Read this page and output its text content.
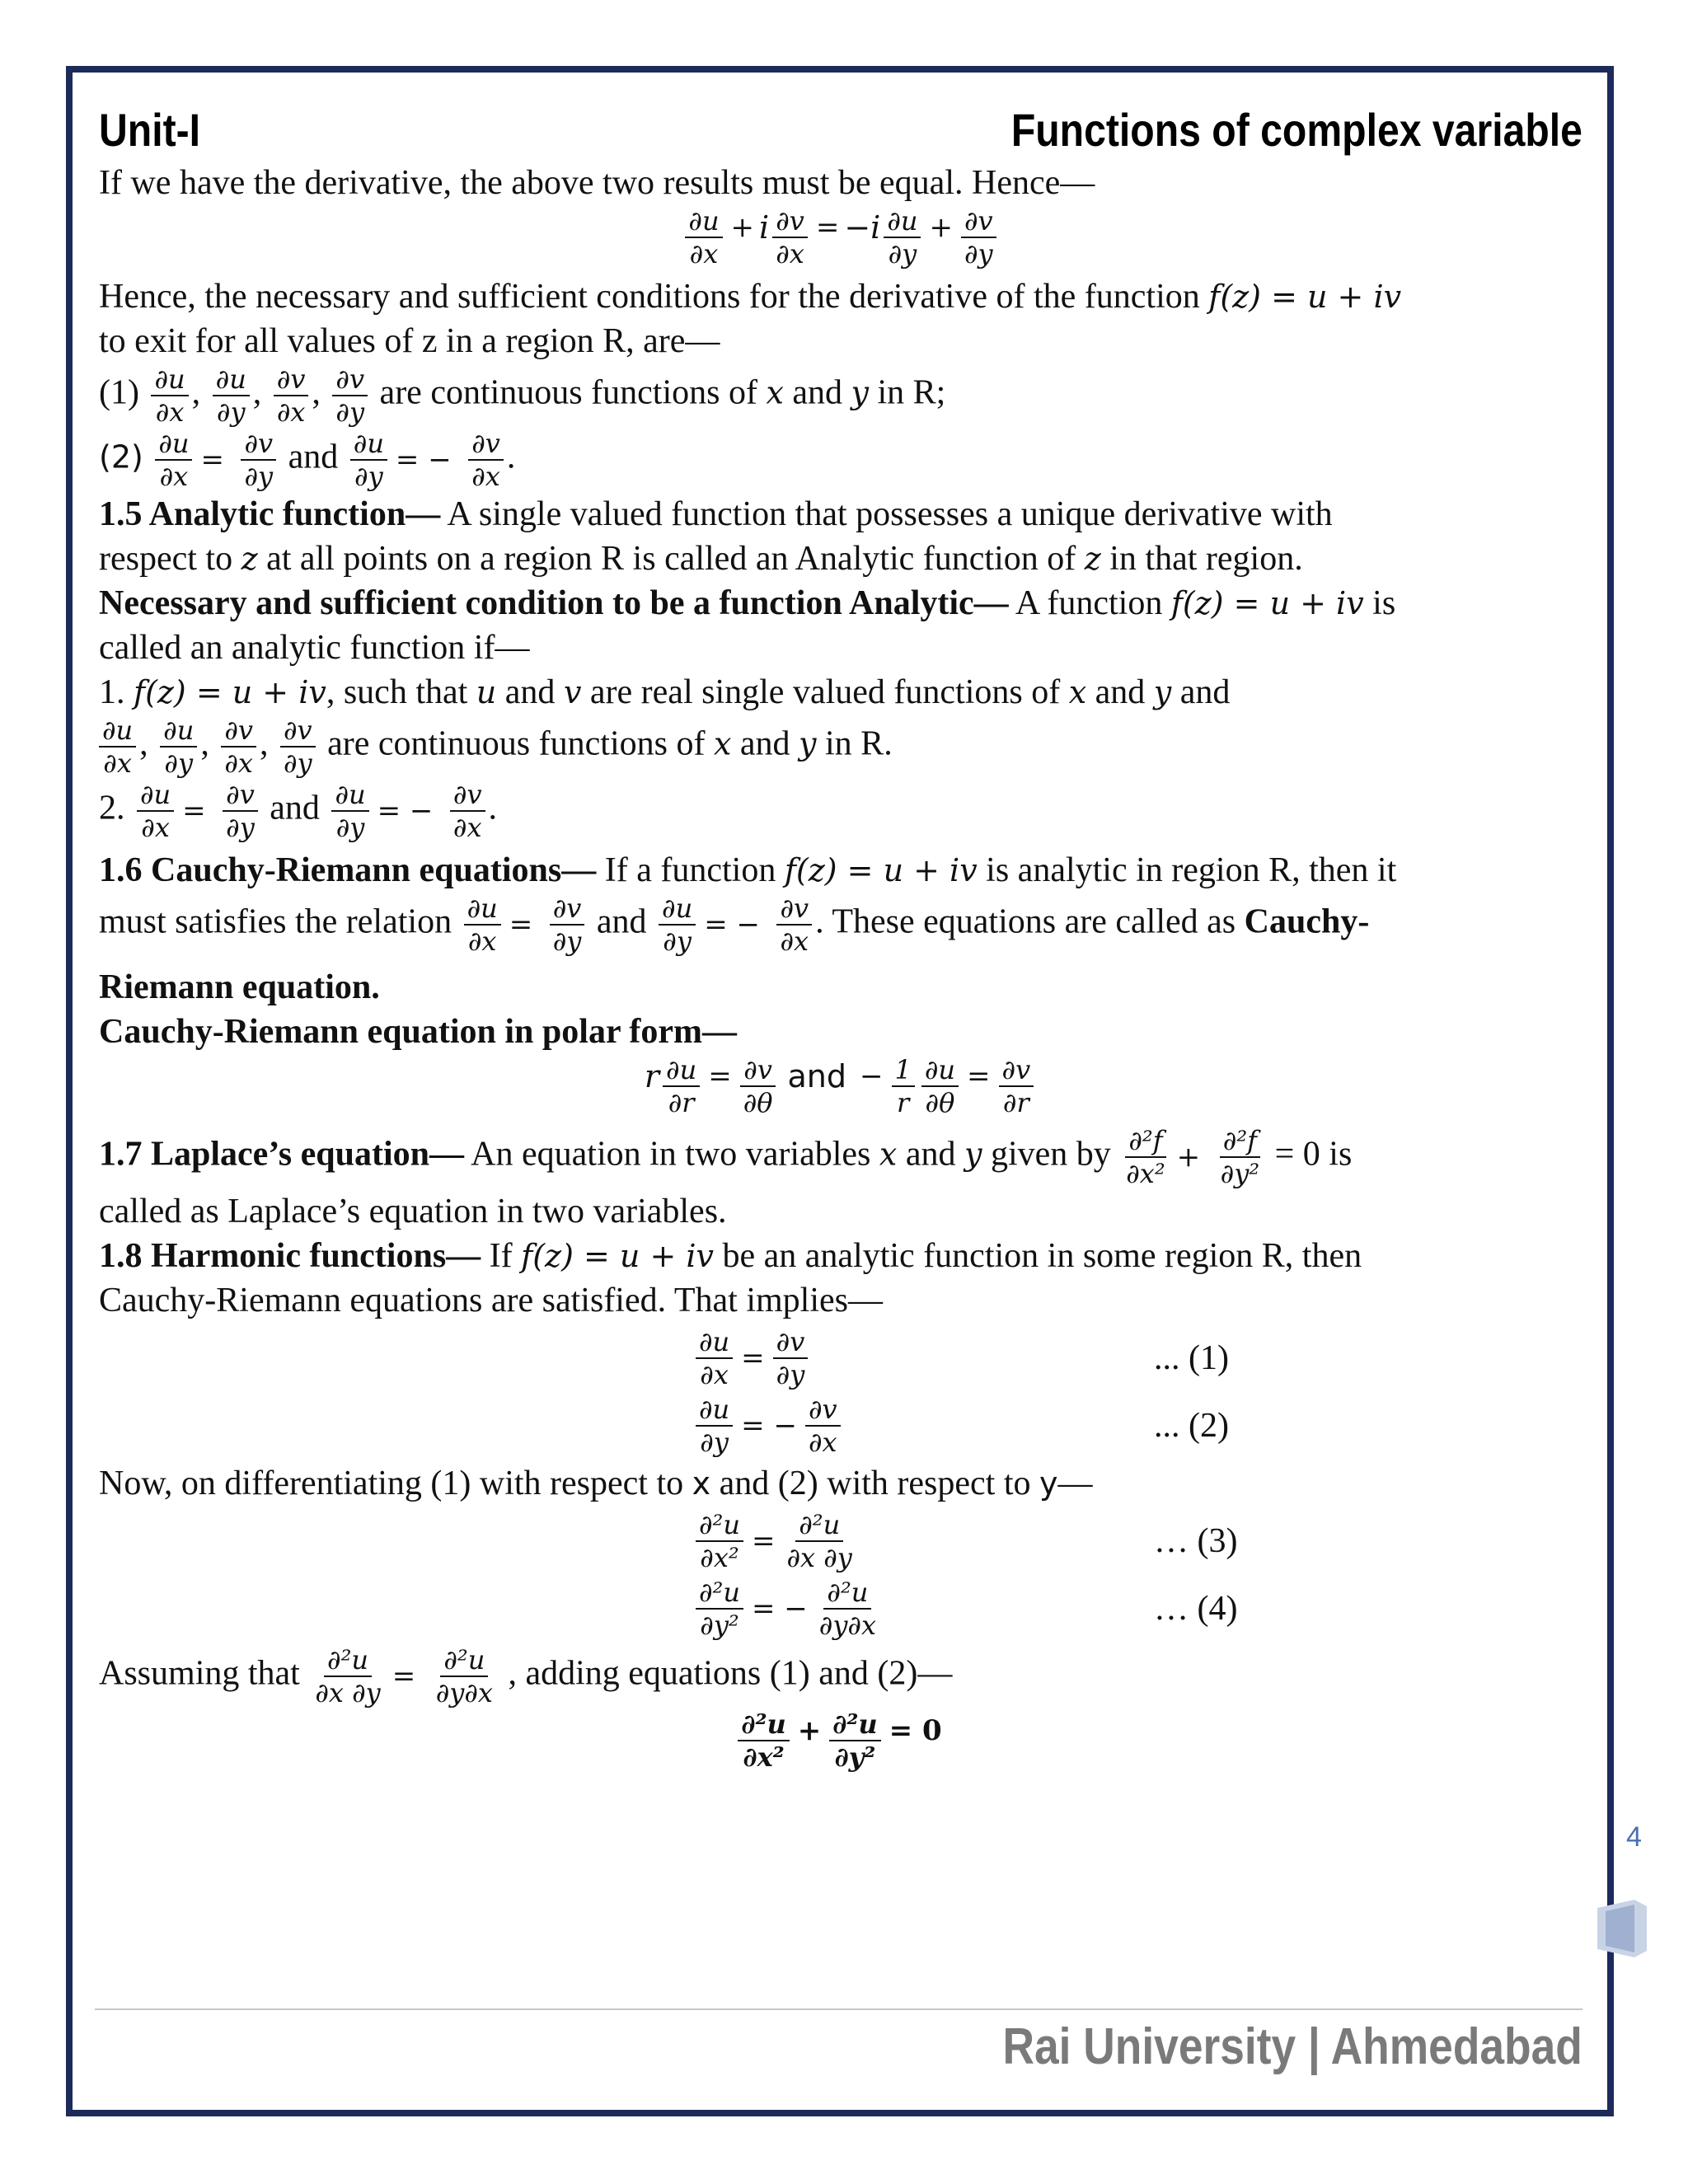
Unit-I	Functions of complex variable
If we have the derivative, the above two results must be equal. Hence—
$\frac{\partial u}{\partial x} + i \frac{\partial v}{\partial x} = -i \frac{\partial u}{\partial y} + \frac{\partial v}{\partial y}$
Hence, the necessary and sufficient conditions for the derivative of the function f(z) = u + iv
to exit for all values of z in a region R, are—
$(1) \frac{\partial u}{\partial x}$ , $\frac{\partial u}{\partial y}$ , $\frac{\partial v}{\partial x}$ , $\frac{\partial v}{\partial y}$ are continuous functions of x and y in R;
$(2) \frac{\partial u}{\partial x} = \frac{\partial v}{\partial y}$ and $\frac{\partial u}{\partial y}$ = − $\frac{\partial v}{\partial x}$ .
1.5 Analytic function— A single valued function that possesses a unique derivative with
respect to z at all points on a region R is called an Analytic function of z in that region.
Necessary and sufficient condition to be a function Analytic— A function f(z) = u + iv is
called an analytic function if—
1. f(z) = u + iv, such that u and v are real single valued functions of x and y and
$\frac{\partial u}{\partial x}$ , $\frac{\partial u}{\partial y}$ , $\frac{\partial v}{\partial x}$ , $\frac{\partial v}{\partial y}$ are continuous functions of x and y in R.
2. $\frac{\partial u}{\partial x} = \frac{\partial v}{\partial y}$ and $\frac{\partial u}{\partial y}$ = − $\frac{\partial v}{\partial x}$ .
1.6 Cauchy-Riemann equations— If a function f(z) = u + iv is analytic in region R, then it
must satisfies the relation $\frac{\partial u}{\partial x} = \frac{\partial v}{\partial y}$ and $\frac{\partial u}{\partial y}$ = − $\frac{\partial v}{\partial x}$ . These equations are called as Cauchy-
Riemann equation.
Cauchy-Riemann equation in polar form—
r $\frac{\partial u}{\partial r} = \frac{\partial v}{\partial\theta}$ and − $\frac{1}{r} \frac{\partial u}{\partial\theta} = \frac{\partial v}{\partial r}$
1.7 Laplace’s equation— An equation in two variables x and y given by $\frac{\text{∂²f}}{\text{∂x²}} + \frac{\text{∂²f}}{\text{∂y²}} = 0$ is
called as Laplace’s equation in two variables.
1.8 Harmonic functions— If f(z) = u + iv be an analytic function in some region R, then
Cauchy-Riemann equations are satisfied. That implies—
$\frac{\partial u}{\partial x} = \frac{\partial v}{\partial y}$	... (1)
$\frac{\partial u}{\partial y}$ = − $\frac{\partial v}{\partial x}$	... (2)
Now, on differentiating (1) with respect to x and (2) with respect to y—
$\frac{\text{∂²u}}{\text{∂x²}} = \frac{\text{∂²u}}{\partial x \partial y}$	… (3)
$\frac{\text{∂²u}}{\text{∂y²}}$ = − $\frac{\text{∂²u}}{\partial y\partial x}$	… (4)
Assuming that $\frac{\text{∂²u}}{\partial x \partial y} = \frac{\text{∂²u}}{\partial y\partial x}$ , adding equations (1) and (2)—
$\frac{\text{∂²u}}{\text{∂x²}} + \frac{\text{∂²u}}{\text{∂y²}} = 0$
Rai University | Ahmedabad
4
